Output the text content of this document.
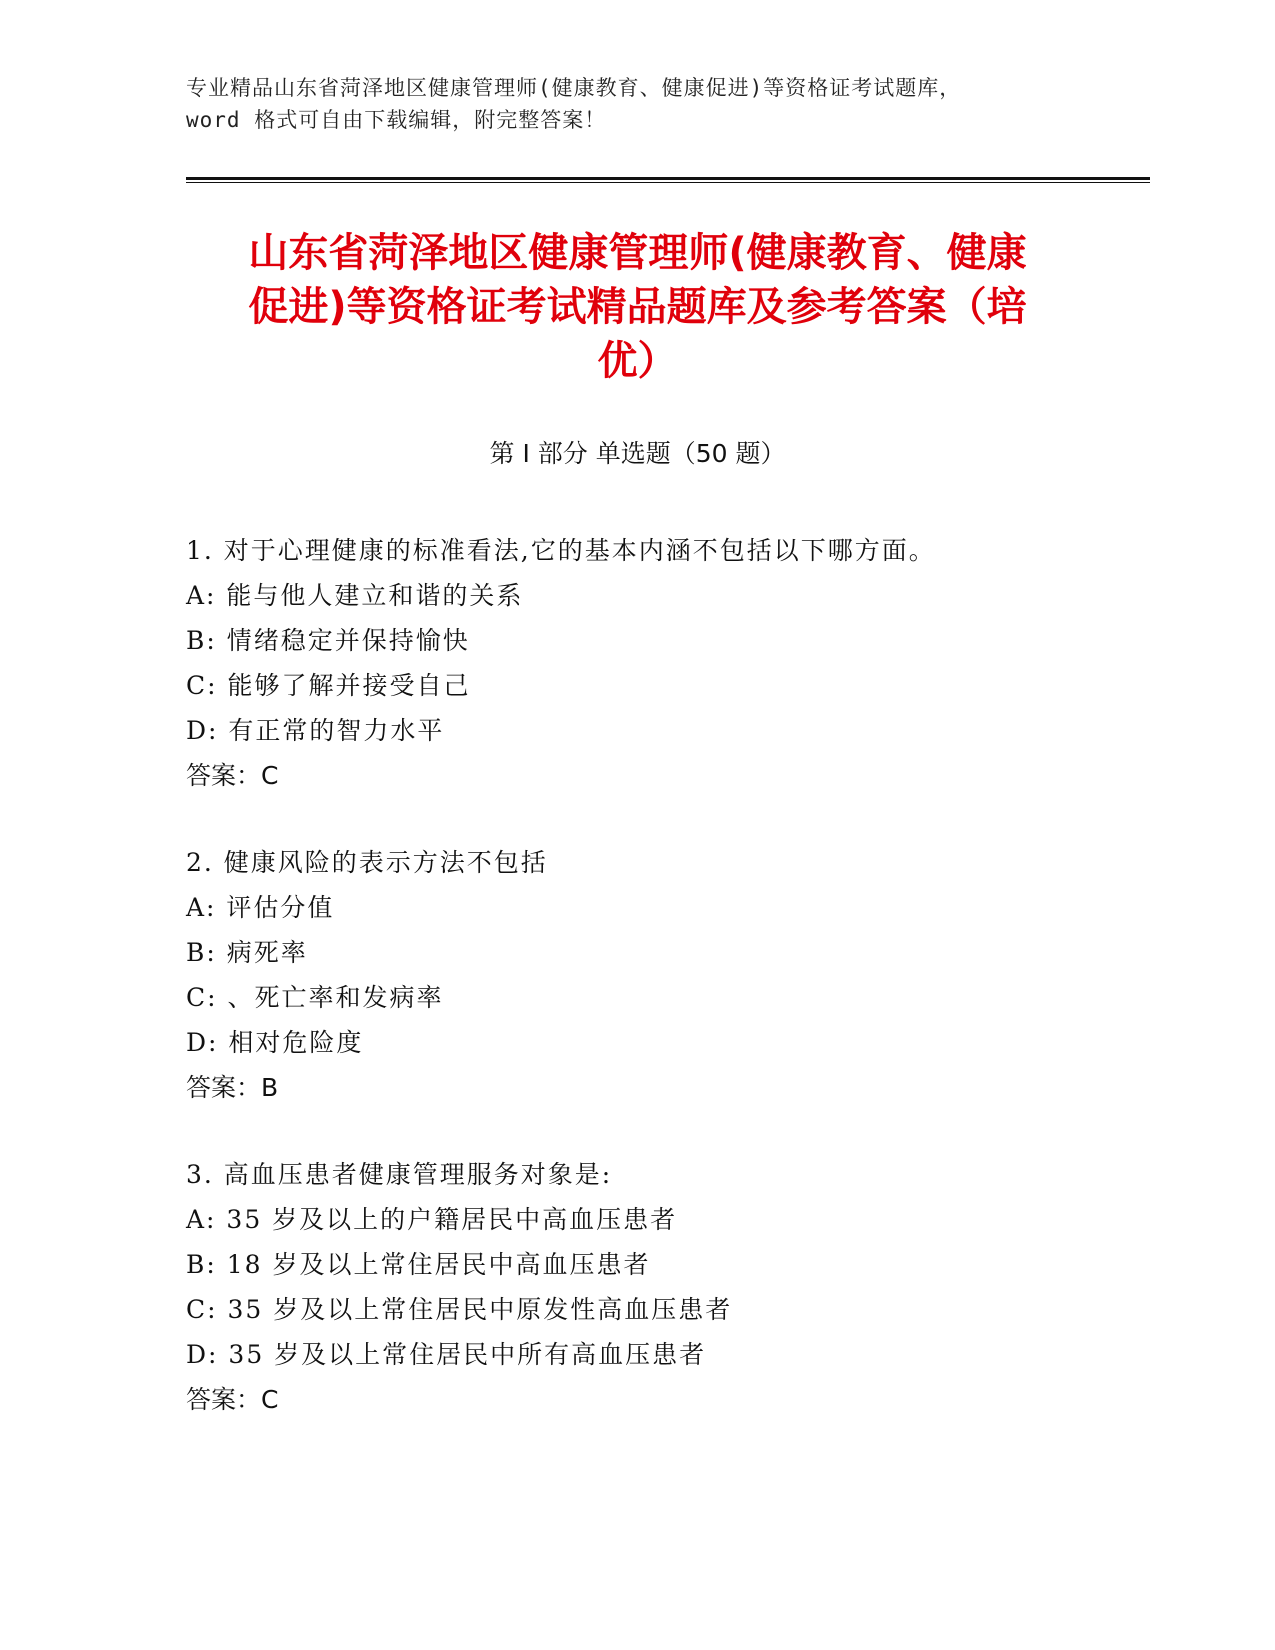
专业精品山东省菏泽地区健康管理师(健康教育、健康促进)等资格证考试题库，
word 格式可自由下载编辑，附完整答案！
山东省菏泽地区健康管理师(健康教育、健康
促进)等资格证考试精品题库及参考答案（培
优）
第 I 部分 单选题（50 题）
1. 对于心理健康的标准看法,它的基本内涵不包括以下哪方面。
A: 能与他人建立和谐的关系
B: 情绪稳定并保持愉快
C: 能够了解并接受自己
D: 有正常的智力水平
答案：C
2. 健康风险的表示方法不包括
A: 评估分值
B: 病死率
C: 、死亡率和发病率
D: 相对危险度
答案：B
3. 高血压患者健康管理服务对象是:
A: 35 岁及以上的户籍居民中高血压患者
B: 18 岁及以上常住居民中高血压患者
C: 35 岁及以上常住居民中原发性高血压患者
D: 35 岁及以上常住居民中所有高血压患者
答案：C
